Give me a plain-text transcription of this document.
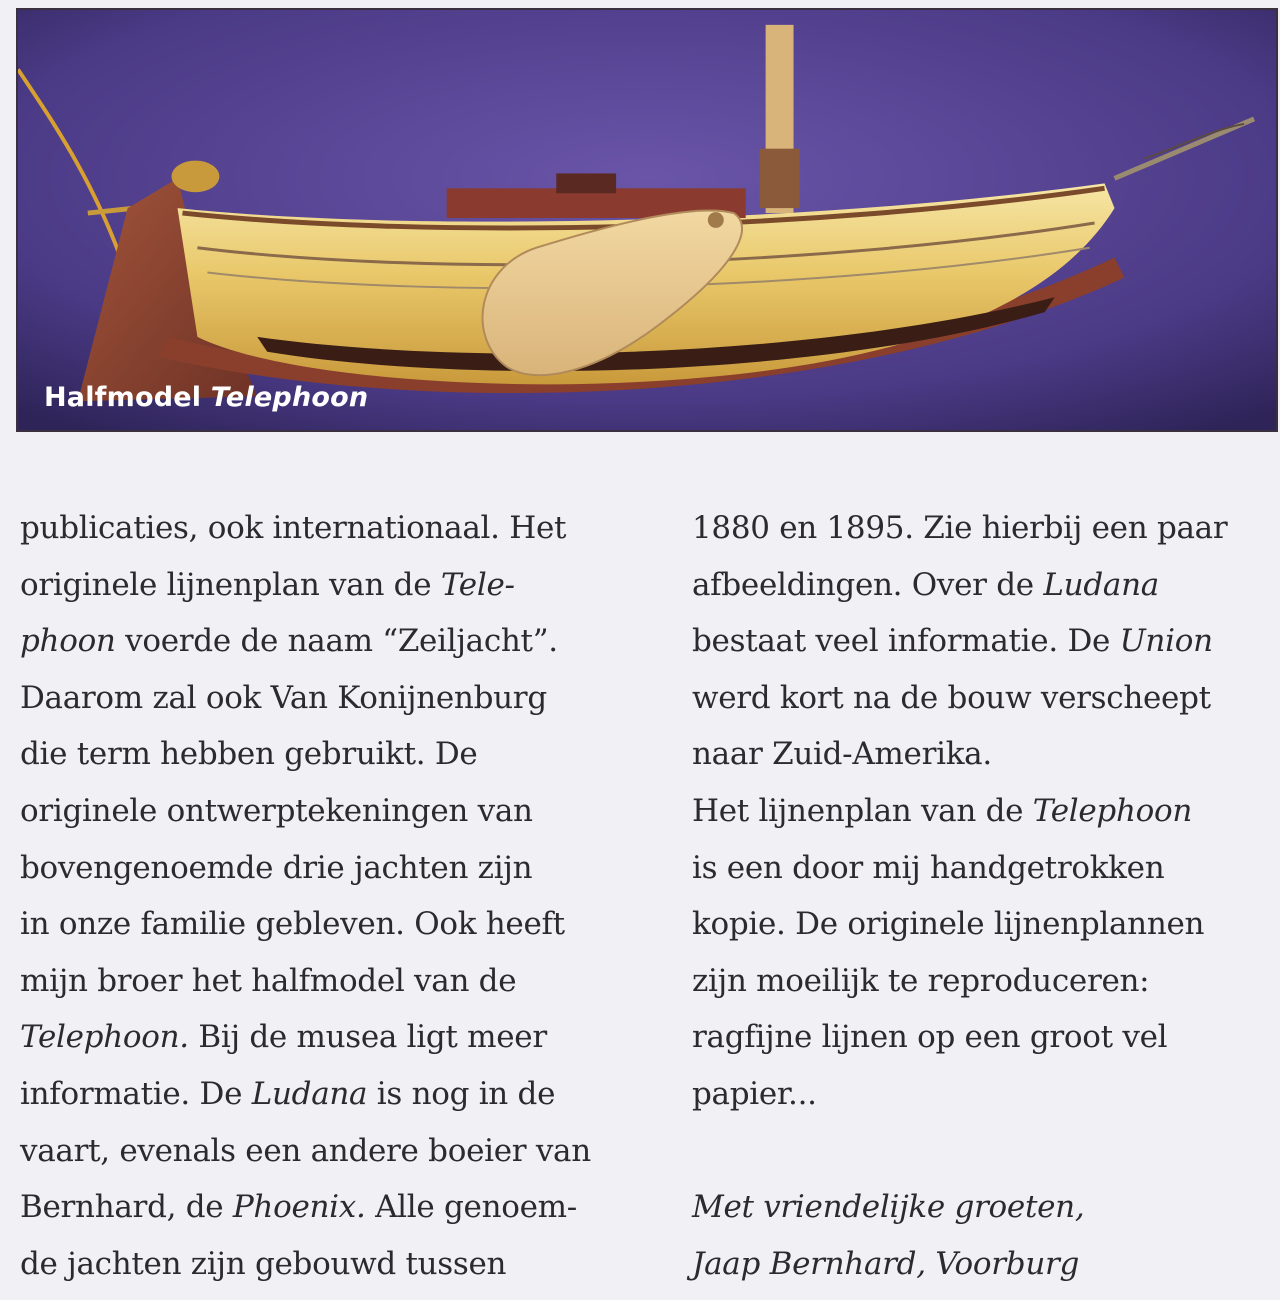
Halfmodel Telephoon
publicaties, ook internationaal. Het
originele lijnenplan van de Tele-
phoon voerde de naam “Zeiljacht”.
Daarom zal ook Van Konijnenburg
die term hebben gebruikt. De
originele ontwerptekeningen van
bovengenoemde drie jachten zijn
in onze familie gebleven. Ook heeft
mijn broer het halfmodel van de
Telephoon. Bij de musea ligt meer
informatie. De Ludana is nog in de
vaart, evenals een andere boeier van
Bernhard, de Phoenix. Alle genoem-
de jachten zijn gebouwd tussen
1880 en 1895. Zie hierbij een paar
afbeeldingen. Over de Ludana
bestaat veel informatie. De Union
werd kort na de bouw verscheept
naar Zuid-Amerika.
Het lijnenplan van de Telephoon
is een door mij handgetrokken
kopie. De originele lijnenplannen
zijn moeilijk te reproduceren:
ragfijne lijnen op een groot vel
papier...
Met vriendelijke groeten,
Jaap Bernhard, Voorburg
